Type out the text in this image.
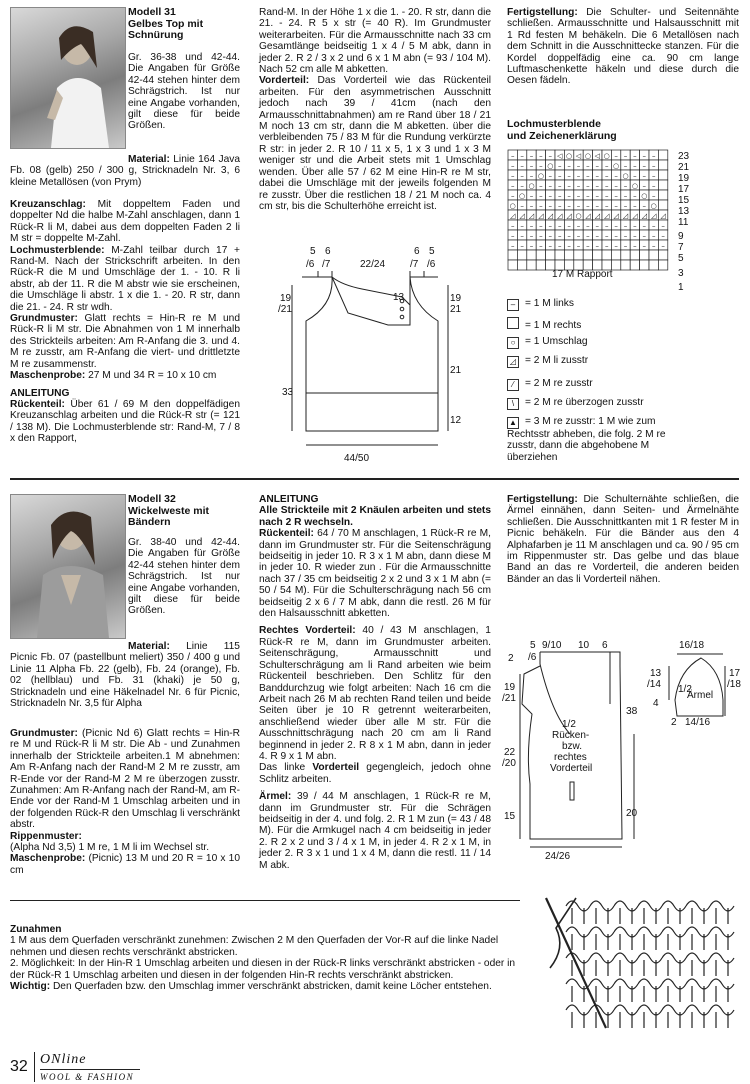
Modell 31
Gelbes Top mit
Schnürung
Gr. 36-38 und 42-44. Die Angaben für Größe 42-44 stehen hinter dem Schrägstrich. Ist nur eine Angabe vorhanden, gilt diese für beide Größen.
Material: Linie 164 Java Fb. 08 (gelb) 250 / 300 g, Stricknadeln Nr. 3, 6 kleine Metallösen (von Prym)
Kreuzanschlag: Mit doppeltem Faden und doppelter Nd die halbe M-Zahl anschlagen, dann 1 Rück-R li M, dabei aus dem doppelten Faden 2 li M str = doppelte M-Zahl.
Lochmusterblende: M-Zahl teilbar durch 17 + Rand-M. Nach der Strickschrift arbeiten. In den Rück-R die M und Umschläge der 1. - 10. R li abstr, ab der 11. R die M abstr wie sie erscheinen, die Umschläge li abstr. 1 x die 1. - 20. R str, dann die 21. - 24. R str wdh.
Grundmuster: Glatt rechts = Hin-R re M und Rück-R li M str. Die Abnahmen von 1 M innerhalb des Strickteils arbeiten: Am R-Anfang die 3. und 4. M re zusstr, am R-Anfang die viert- und drittletzte M re zusammenstr.
Maschenprobe: 27 M und 34 R = 10 x 10 cm
ANLEITUNG
Rückenteil: Über 61 / 69 M den doppelfädigen Kreuzanschlag arbeiten und die Rück-R str (= 121 / 138 M). Die Lochmusterblende str: Rand-M, 7 / 8 x den Rapport,
Rand-M. In der Höhe 1 x die 1. - 20. R str, dann die 21. - 24. R 5 x str (= 40 R). Im Grundmuster weiterarbeiten. Für die Armausschnitte nach 33 cm Gesamtlänge beidseitig 1 x 4 / 5 M abk, dann in jeder 2. R 2 / 3 x 2 und 6 x 1 M abn (= 93 / 104 M). Nach 52 cm alle M abketten.
Vorderteil: Das Vorderteil wie das Rückenteil arbeiten. Für den asymmetrischen Ausschnitt jedoch nach 39 / 41cm (nach den Armausschnittabnahmen) am re Rand über 18 / 21 M noch 13 cm str, dann die M abketten. über die verbleibenden 75 / 83 M für die Rundung verkürzte R str: in jeder 2. R 10 / 11 x 5, 1 x 3 und 1 x 3 M weniger str und die Arbeit stets mit 1 Umschlag wenden. Über alle 57 / 62 M eine Hin-R re M str, dabei die Umschläge mit der jeweils folgenden M re zusstr. Über die restlichen 18 / 21 M noch ca. 4 cm str, bis die Schulterhöhe erreicht ist.
5 6	6 5
/6 /7	22/24 /7 /6
19
/21
19
21
13
21
33
12
44/50
Fertigstellung: Die Schulter- und Seitennähte schließen. Armausschnitte und Halsausschnitt mit 1 Rd festen M behäkeln. Die 6 Metallösen nach dem Schnitt in die Ausschnittecke stanzen. Für die Kordel doppelfädig eine ca. 90 cm lange Luftmaschenkette häkeln und diese durch die Oesen fädeln.
Lochmusterblende
und Zeichenerklärung
– – – – – ◁ ○ ◁ ○ ◁ ○ – – – – –
– – – – ○ – – – – – – ○ – – – –
– – – ○ – – – – – – – – ○ – – –
– – ○ – – – – – – – – – – ○ – –
– ○ – – – – – – – – – – – – ○ –
○ – – – – – – – – – – – – – – ○
◿ ◿ ◿ ◿ ◿ ◿ ◿ ○ ◿ ◿ ◿ ◿ ◿ ◿ ◿ ◿ ◿
– – – – – – – – – – – – – – – – –
– – – – – – – – – – – – – – – – –
– – – – – – – – – – – – – – – – –
23
21
19
17
15
13
11
9
7
5
3
1
17 M Rapport
– = 1 M links
= 1 M rechts
○ = 1 Umschlag
◿ = 2 M li zusstr
⁄ = 2 M re zusstr
\ = 2 M re überzogen zusstr
▲ = 3 M re zusstr: 1 M wie zum Rechtsstr abheben, die folg. 2 M re zusstr, dann die abgehobene M überziehen
Modell 32
Wickelweste mit
Bändern
Gr. 38-40 und 42-44. Die Angaben für Größe 42-44 stehen hinter dem Schrägstrich. Ist nur eine Angabe vorhanden, gilt diese für beide Größen.
Material: Linie 115 Picnic Fb. 07 (pastellbunt meliert) 350 / 400 g und Linie 11 Alpha Fb. 22 (gelb), Fb. 24 (orange), Fb. 02 (hellblau) und Fb. 31 (khaki) je 50 g, Stricknadeln und eine Häkelnadel Nr. 6 für Picnic, Stricknadeln Nr. 3,5 für Alpha
Grundmuster: (Picnic Nd 6) Glatt rechts = Hin-R re M und Rück-R li M str. Die Ab - und Zunahmen innerhalb der Strickteile arbeiten.1 M abnehmen: Am R-Anfang nach der Rand-M 2 M re zusstr, am R-Ende vor der Rand-M 2 M re überzogen zusstr. Zunahmen: Am R-Anfang nach der Rand-M, am R-Ende vor der Rand-M 1 Umschlag arbeiten und in der folgenden Rück-R den Umschlag li verschränkt abstr.
Rippenmuster:
(Alpha Nd 3,5) 1 M re, 1 M li im Wechsel str.
Maschenprobe: (Picnic) 13 M und 20 R = 10 x 10 cm
ANLEITUNG
Alle Strickteile mit 2 Knäulen arbeiten und stets nach 2 R wechseln.
Rückenteil: 64 / 70 M anschlagen, 1 Rück-R re M, dann im Grundmuster str. Für die Seitenschrägung beidseitig in jeder 10. R 3 x 1 M abn, dann diese M in jeder 10. R wieder zun . Für die Armausschnitte nach 37 / 35 cm beidseitig 2 x 2 und 3 x 1 M abn (= 50 / 54 M). Für die Schulterschrägung nach 56 cm beidseitig 2 x 6 / 7 M abk, dann die restl. 26 M für den Halsausschnitt abketten.
Rechtes Vorderteil: 40 / 43 M anschlagen, 1 Rück-R re M, dann im Grundmuster arbeiten. Seitenschrägung, Armausschnitt und Schulterschrägung am li Rand arbeiten wie beim Rückenteil beschrieben. Den Schlitz für den Banddurchzug wie folgt arbeiten: Nach 16 cm die Arbeit nach 26 M ab rechten Rand teilen und beide Seiten über je 10 R getrennt weiterarbeiten, anschließend wieder über alle M str. Für die Ausschnittschrägung nach 20 cm am li Rand beginnend in jeder 2. R 8 x 1 M abn, dann in jeder 4. R 9 x 1 M abn.
Das linke Vorderteil gegengleich, jedoch ohne Schlitz arbeiten.
Ärmel: 39 / 44 M anschlagen, 1 Rück-R re M, dann im Grundmuster str. Für die Schrägen beidseitig in der 4. und folg. 2. R 1 M zun (= 43 / 48 M). Für die Armkugel nach 4 cm beidseitig in jeder 2. R 2 x 2 und 3 / 4 x 1 M, in jeder 4. R 2 x 1 M, in jeder 2. R 3 x 1 und 1 x 4 M, dann die restl. 11 / 14 M abk.
Fertigstellung: Die Schulternähte schließen, die Ärmel einnähen, dann Seiten- und Ärmelnähte schließen. Die Ausschnittkanten mit 1 R fester M in Picnic behäkeln. Für die Bänder aus den 4 Alphafarben je 11 M anschlagen und ca. 90 / 95 cm im Rippenmuster str. Das gelbe und das blaue Band an das re Vorderteil, die anderen beiden Bänder an das li Vorderteil nähen.
5 9/10 10 6
/6
2
19
/21
22
/20
15	20
24/26
1/2
Rücken-
bzw.
rechtes
Vorderteil
38
16/18
13
/14
4
1/2
Ärmel
17
/18
2 14/16
Zunahmen
1 M aus dem Querfaden verschränkt zunehmen: Zwischen 2 M den Querfaden der Vor-R auf die linke Nadel nehmen und diesen rechts verschränkt abstricken.
2. Möglichkeit: In der Hin-R 1 Umschlag arbeiten und diesen in der Rück-R links verschränkt abstricken - oder in der Rück-R 1 Umschlag arbeiten und diesen in der folgenden Hin-R rechts verschränkt abstricken.
Wichtig: Den Querfaden bzw. den Umschlag immer verschränkt abstricken, damit keine Löcher entstehen.
32 ONline
WOOL & FASHION
